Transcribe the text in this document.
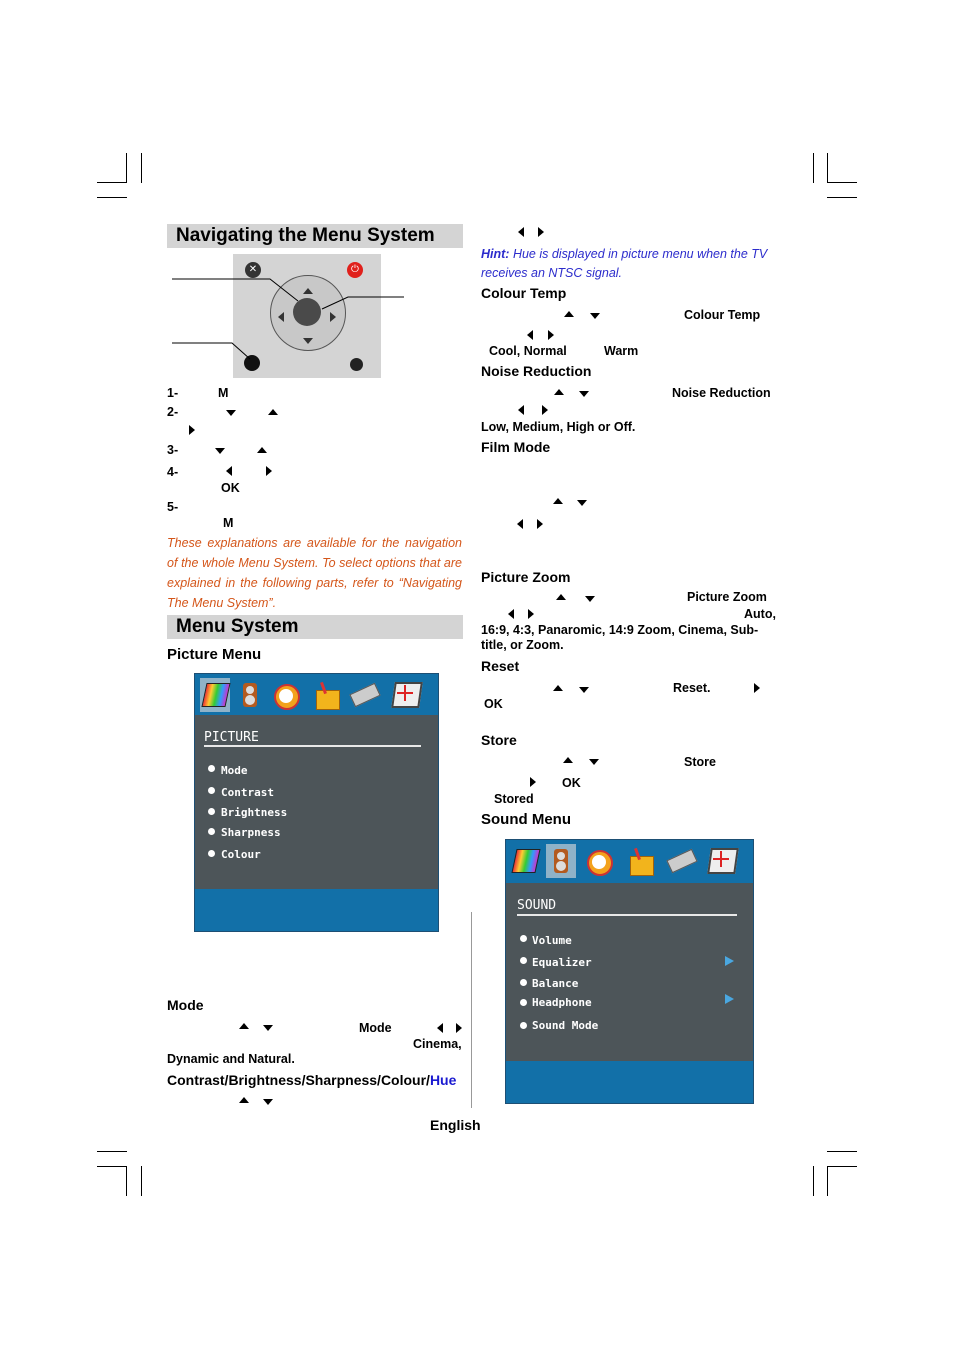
Navigating the Menu System
✕	⏻
1-	M
2-
3-
4-
OK
5-
M
These explanations are available for the navigation of the whole Menu System. To select options that are explained in the following parts, refer to “Navigating The Menu System”.
Menu System
Picture Menu
PICTURE
Mode
Contrast
Brightness
Sharpness
Colour
Mode
Mode
Cinema,
Dynamic and Natural.
Contrast/Brightness/Sharpness/Colour/Hue
Hint: Hue is displayed in picture menu when the TV
receives an NTSC signal.
Colour Temp
Colour Temp
Cool, Normal	Warm
Noise Reduction
Noise Reduction
Low, Medium, High or Off.
Film Mode
Picture Zoom
Picture Zoom
Auto,
16:9, 4:3, Panaromic, 14:9 Zoom, Cinema, Sub-
title, or Zoom.
Reset
Reset.
OK
Store
Store
OK
Stored
Sound Menu
SOUND
Volume
Equalizer
Balance
Headphone
Sound Mode
English
